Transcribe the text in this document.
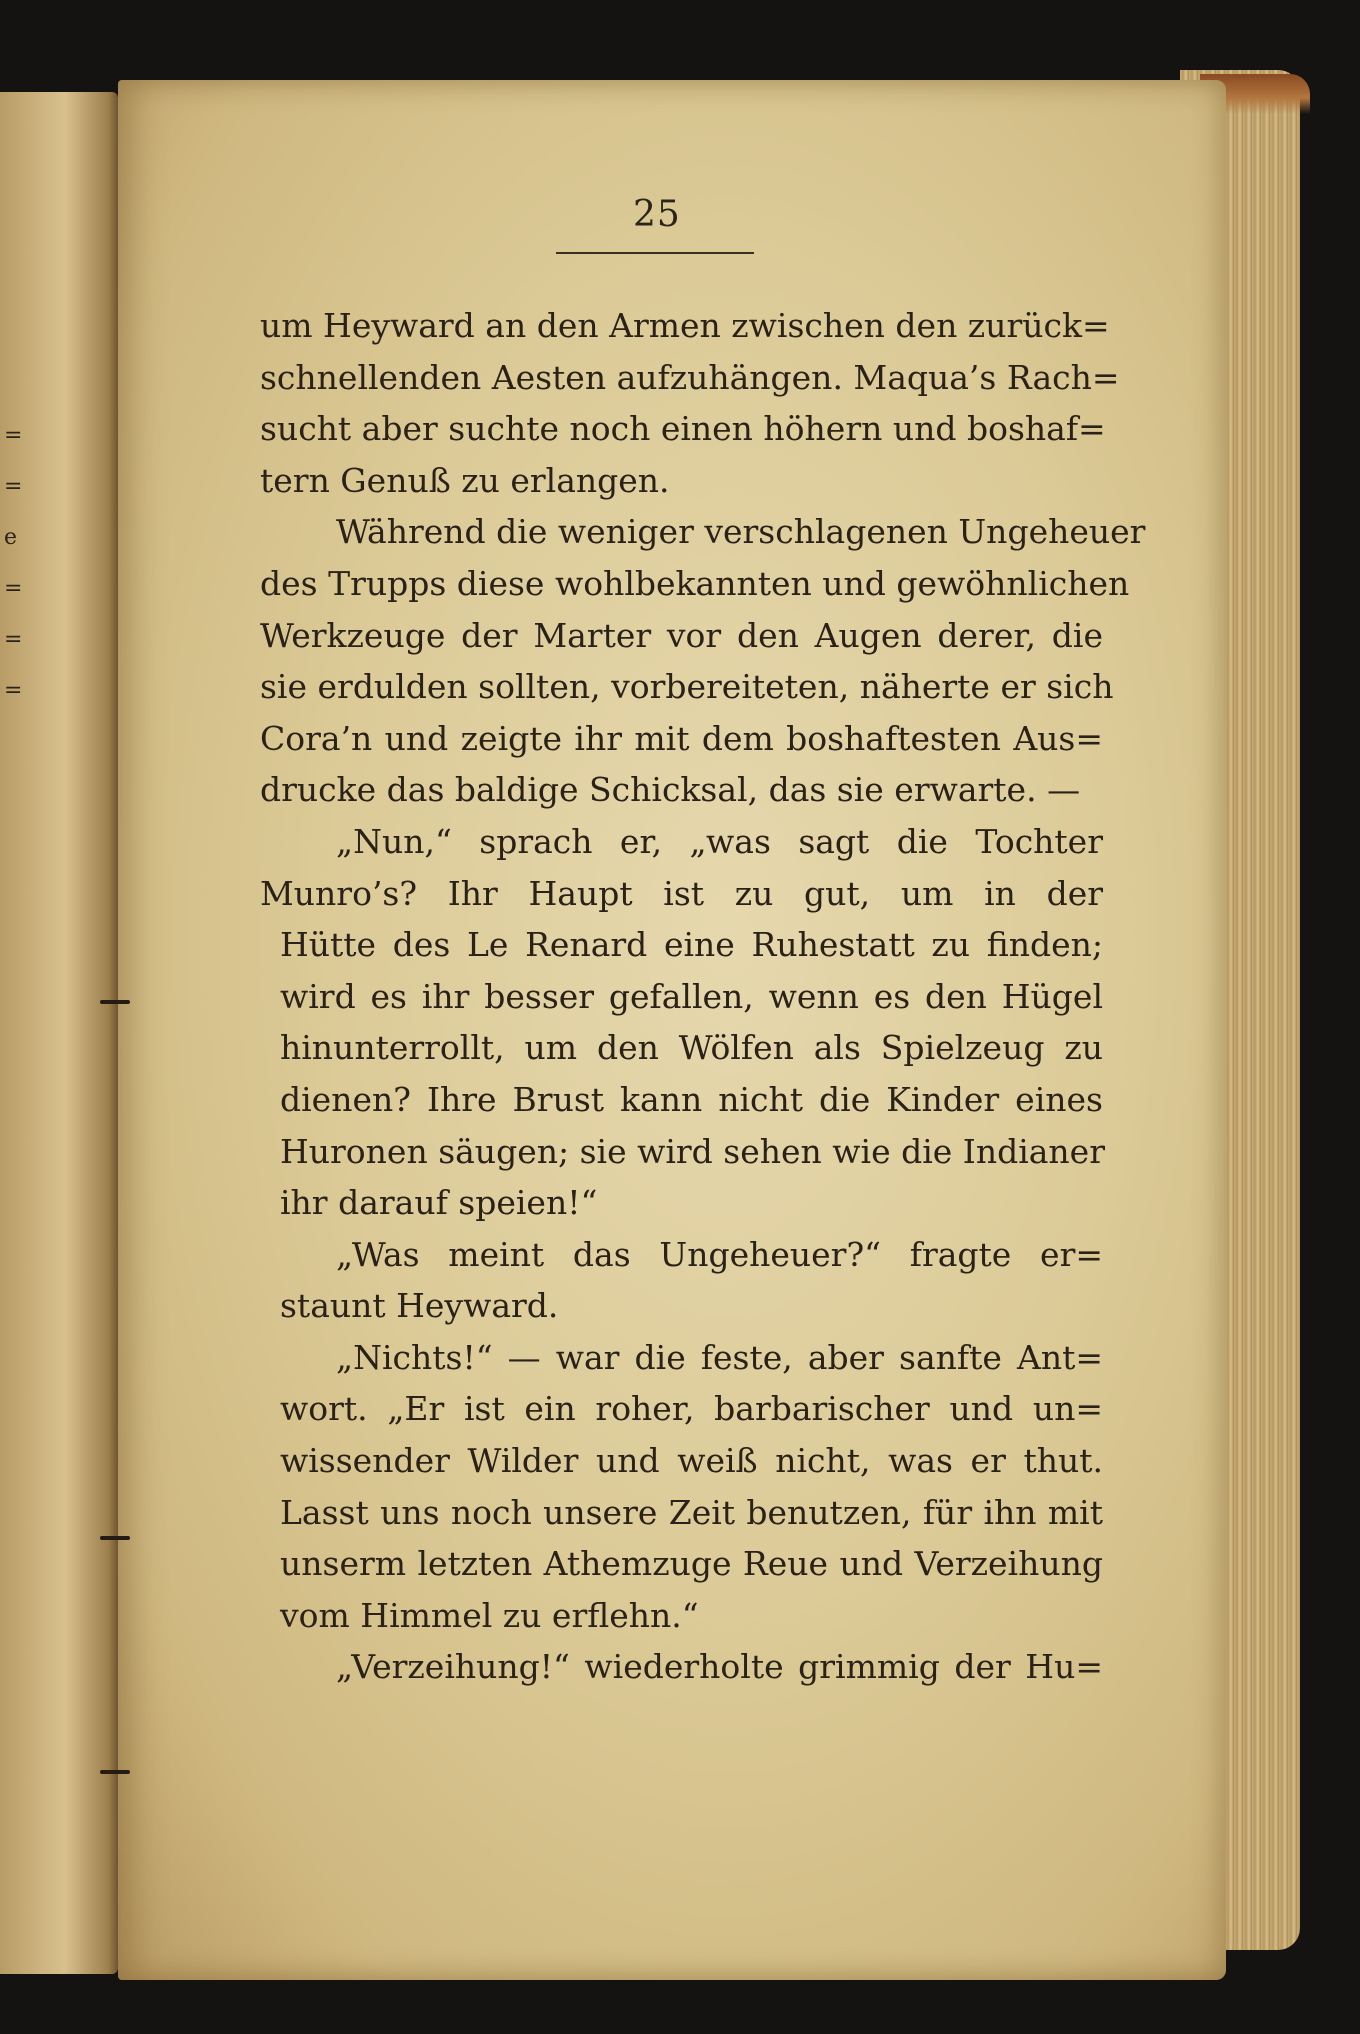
=
=
e
=
=
=
25
um Heyward an den Armen zwischen den zurück=
schnellenden Aesten aufzuhängen. Maqua’s Rach=
sucht aber suchte noch einen höhern und boshaf=
tern Genuß zu erlangen.
Während die weniger verschlagenen Ungeheuer
des Trupps diese wohlbekannten und gewöhnlichen
Werkzeuge der Marter vor den Augen derer, die
sie erdulden sollten, vorbereiteten, näherte er sich
Cora’n und zeigte ihr mit dem boshaftesten Aus=
drucke das baldige Schicksal, das sie erwarte. —
„Nun,“ sprach er, „was sagt die Tochter
Munro’s? Ihr Haupt ist zu gut, um in der
Hütte des Le Renard eine Ruhestatt zu finden;
wird es ihr besser gefallen, wenn es den Hügel
hinunterrollt, um den Wölfen als Spielzeug zu
dienen? Ihre Brust kann nicht die Kinder eines
Huronen säugen; sie wird sehen wie die Indianer
ihr darauf speien!“
„Was meint das Ungeheuer?“ fragte er=
staunt Heyward.
„Nichts!“ — war die feste, aber sanfte Ant=
wort. „Er ist ein roher, barbarischer und un=
wissender Wilder und weiß nicht, was er thut.
Lasst uns noch unsere Zeit benutzen, für ihn mit
unserm letzten Athemzuge Reue und Verzeihung
vom Himmel zu erflehn.“
„Verzeihung!“ wiederholte grimmig der Hu=
